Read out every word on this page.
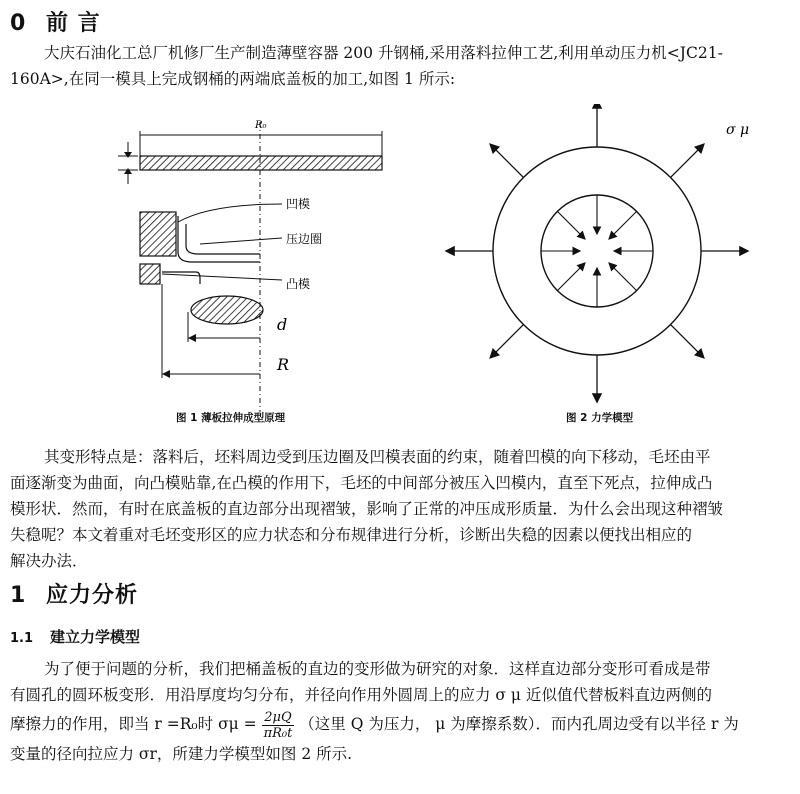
0 前 言
大庆石油化工总厂机修厂生产制造薄壁容器 200 升钢桶,采用落料拉伸工艺,利用单动压力机<JC21-
160A>,在同一模具上完成钢桶的两端底盖板的加工,如图 1 所示:
R₀
t
凹模
压边圈
凸模
d
R
图 1 薄板拉伸成型原理
σ μ
图 2 力学模型
其变形特点是：落料后，坯料周边受到压边圈及凹模表面的约束，随着凹模的向下移动，毛坯由平
面逐渐变为曲面，向凸模贴靠,在凸模的作用下，毛坯的中间部分被压入凹模内，直至下死点，拉伸成凸
模形状．然而，有时在底盖板的直边部分出现褶皱，影响了正常的冲压成形质量．为什么会出现这种褶皱
失稳呢？本文着重对毛坯变形区的应力状态和分布规律进行分析，诊断出失稳的因素以便找出相应的
解决办法．
1 应力分析
1.1 建立力学模型
为了便于问题的分析，我们把桶盖板的直边的变形做为研究的对象．这样直边部分变形可看成是带
有圆孔的圆环板变形．用沿厚度均匀分布，并径向作用外圆周上的应力 σ μ 近似值代替板料直边两侧的
摩擦力的作用，即当 r =R₀时 $\sigma\mu = \frac{2\mu Q}{\text{πR₀t}}$ （这里 Q 为压力， μ 为摩擦系数）．而内孔周边受有以半径 r 为
变量的径向拉应力 σr，所建力学模型如图 2 所示.
